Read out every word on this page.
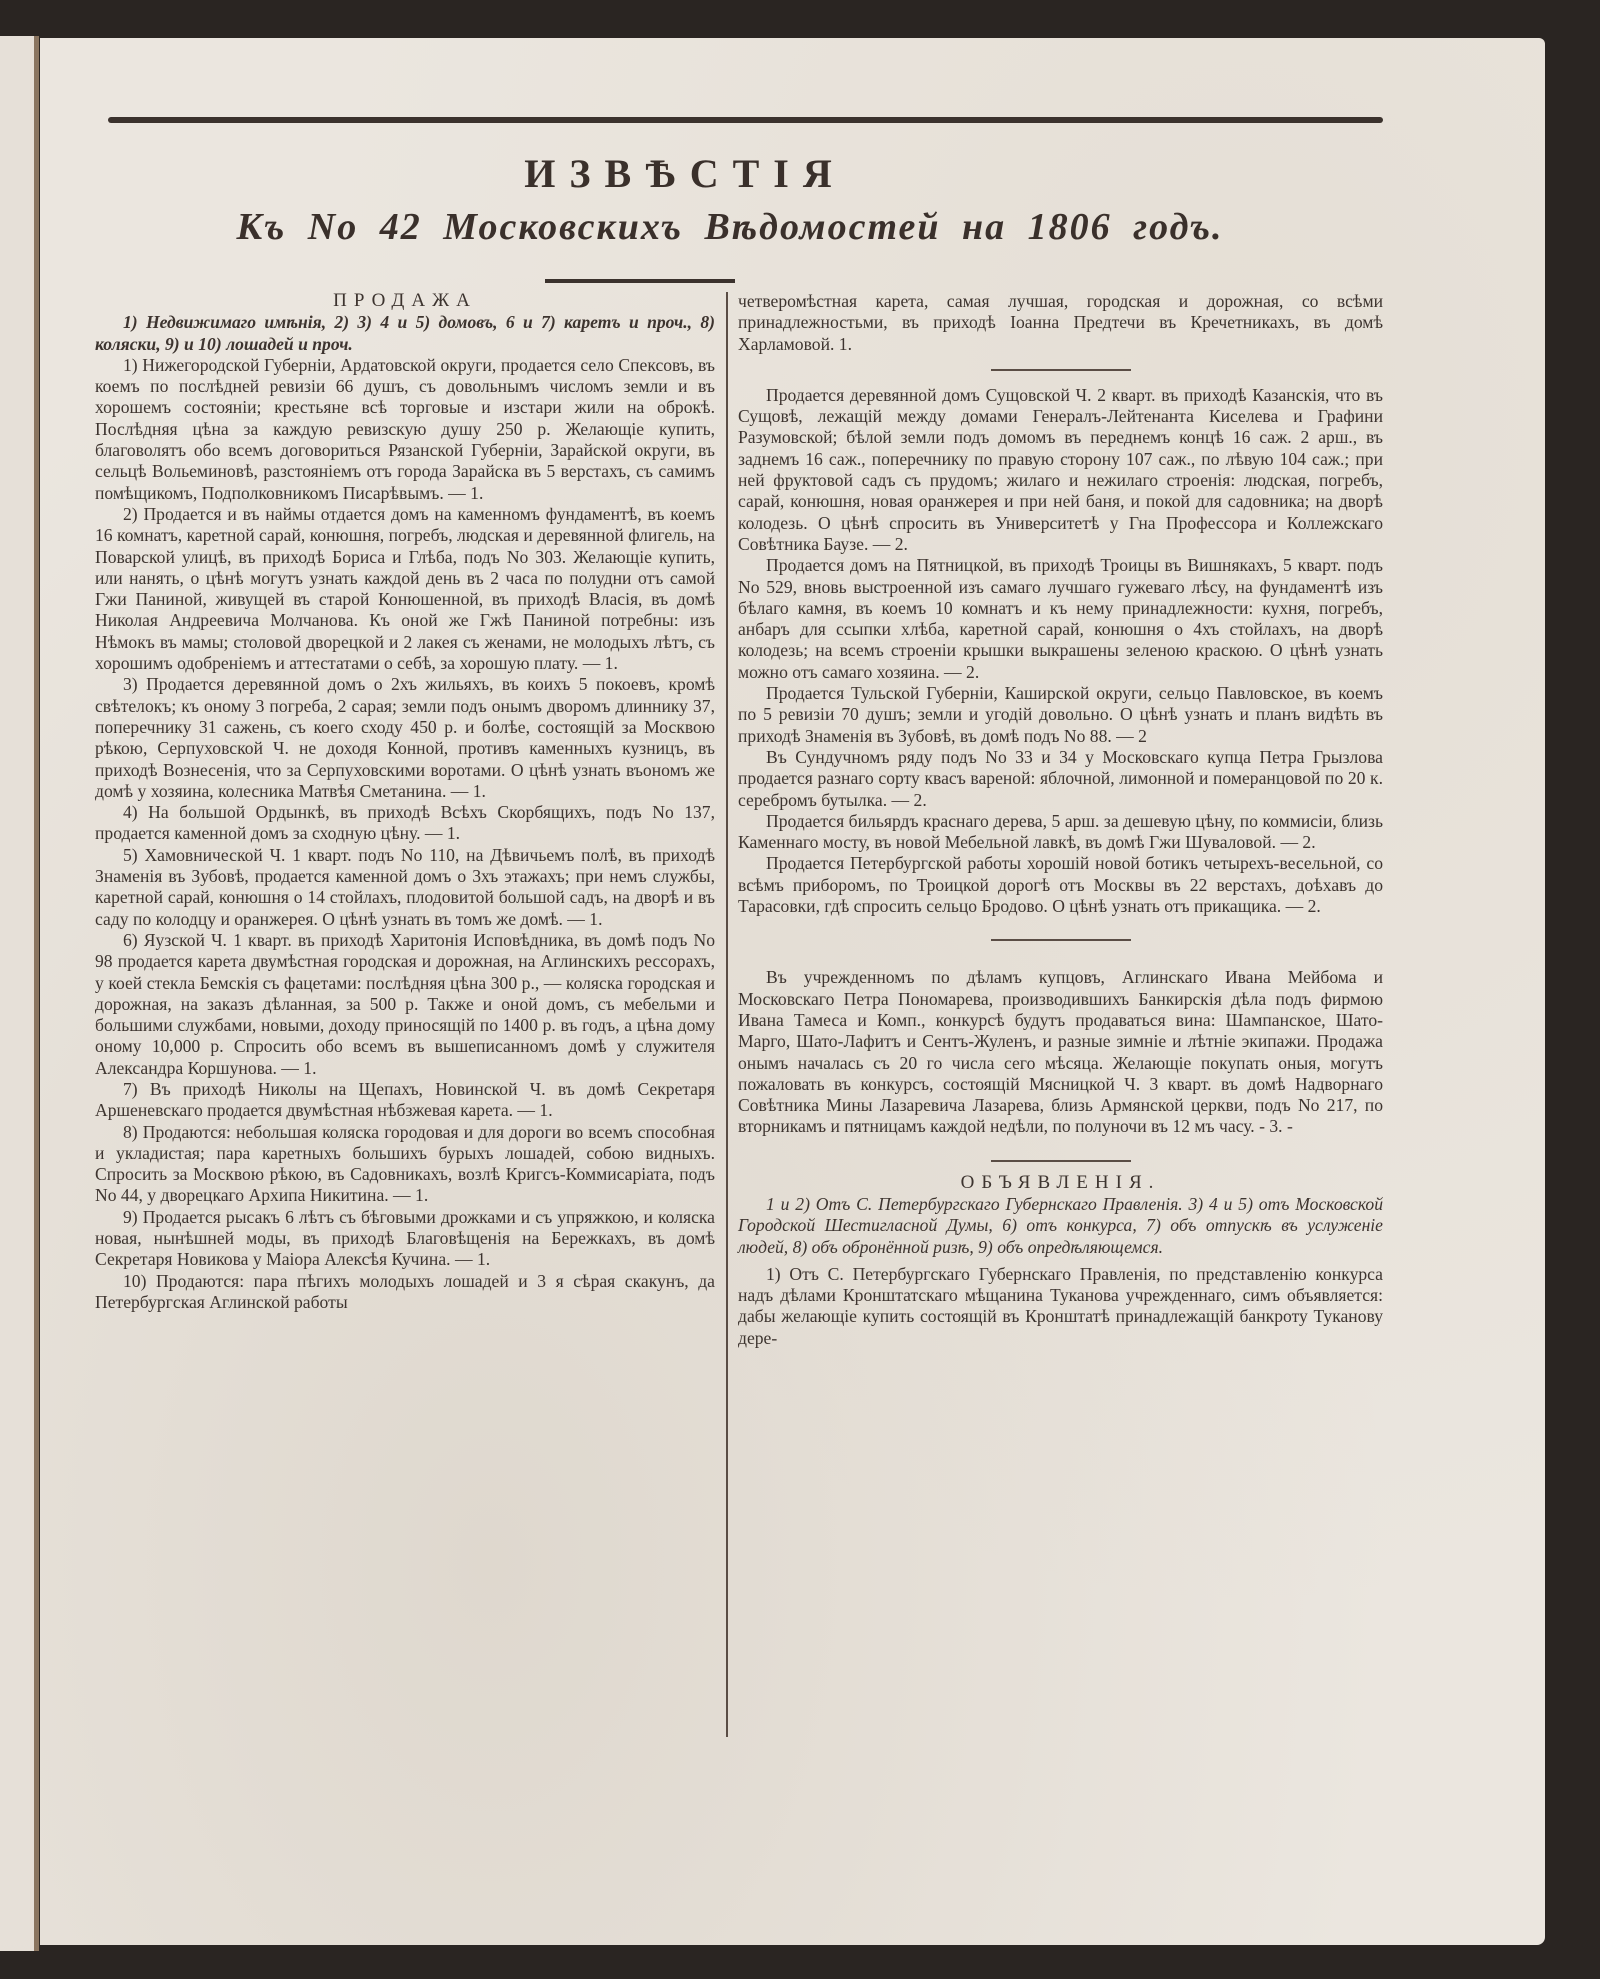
ИЗВѢСТІЯ
Къ No 42 Московскихъ Вѣдомостей на 1806 годъ.
ПРОДАЖА

1) Недвижимаго имѣнія, 2) 3) 4 и 5) домовъ, 6 и 7) каретъ и проч., 8) коляски, 9) и 10) лошадей и проч.

1) Нижегородской Губерніи, Ардатовской округи, продается село Спексовъ, въ коемъ по послѣдней ревизіи 66 душъ, съ довольнымъ числомъ земли и въ хорошемъ состояніи; крестьяне всѣ торговые и изстари жили на оброкѣ. Послѣдняя цѣна за каждую ревизскую душу 250 р. Желающіе купить, благоволятъ обо всемъ договориться Рязанской Губерніи, Зарайской округи, въ сельцѣ Вольеминовѣ, разстояніемъ отъ города Зарайска въ 5 верстахъ, съ самимъ помѣщикомъ, Подполковникомъ Писарѣвымъ. — 1.

2) Продается и въ наймы отдается домъ на каменномъ фундаментѣ, въ коемъ 16 комнатъ, каретной сарай, конюшня, погребъ, людская и деревянной флигель, на Поварской улицѣ, въ приходѣ Бориса и Глѣба, подъ No 303. Желающіе купить, или нанять, о цѣнѣ могутъ узнать каждой день въ 2 часа по полудни отъ самой Гжи Паниной, живущей въ старой Конюшенной, въ приходѣ Власія, въ домѣ Николая Андреевича Молчанова. Къ оной же Гжѣ Паниной потребны: изъ Нѣмокъ въ мамы; столовой дворецкой и 2 лакея съ женами, не молодыхъ лѣтъ, съ хорошимъ одобреніемъ и аттестатами о себѣ, за хорошую плату. — 1.

3) Продается деревянной домъ о 2хъ жильяхъ, въ коихъ 5 покоевъ, кромѣ свѣтелокъ; къ оному 3 погреба, 2 сарая; земли подъ онымъ дворомъ длиннику 37, поперечнику 31 сажень, съ коего сходу 450 р. и болѣе, состоящій за Москвою рѣкою, Серпуховской Ч. не доходя Конной, противъ каменныхъ кузницъ, въ приходѣ Вознесенія, что за Серпуховскими воротами. О цѣнѣ узнать въономъ же домѣ у хозяина, колесника Матвѣя Сметанина. — 1.

4) На большой Ордынкѣ, въ приходѣ Всѣхъ Скорбящихъ, подъ No 137, продается каменной домъ за сходную цѣну. — 1.

5) Хамовнической Ч. 1 кварт. подъ No 110, на Дѣвичьемъ полѣ, въ приходѣ Знаменія въ Зубовѣ, продается каменной домъ о 3хъ этажахъ; при немъ службы, каретной сарай, конюшня о 14 стойлахъ, плодовитой большой садъ, на дворѣ и въ саду по колодцу и оранжерея. О цѣнѣ узнать въ томъ же домѣ. — 1.

6) Яузской Ч. 1 кварт. въ приходѣ Харитонія Исповѣдника, въ домѣ подъ No 98 продается карета двумѣстная городская и дорожная, на Аглинскихъ рессорахъ, у коей стекла Бемскія съ фацетами: послѣдняя цѣна 300 р., — коляска городская и дорожная, на заказъ дѣланная, за 500 р. Также и оной домъ, съ мебельми и большими службами, новыми, доходу приносящій по 1400 р. въ годъ, а цѣна дому оному 10,000 р. Спросить обо всемъ въ вышеписанномъ домѣ у служителя Александра Коршунова. — 1.

7) Въ приходѣ Николы на Щепахъ, Новинской Ч. въ домѣ Секретаря Аршеневскаго продается двумѣстная нѣбзжевая карета. — 1.

8) Продаются: небольшая коляска городовая и для дороги во всемъ способная и укладистая; пара каретныхъ большихъ бурыхъ лошадей, собою видныхъ. Спросить за Москвою рѣкою, въ Садовникахъ, возлѣ Кригсъ-Коммисаріата, подъ No 44, у дворецкаго Архипа Никитина. — 1.

9) Продается рысакъ 6 лѣтъ съ бѣговыми дрожками и съ упряжкою, и коляска новая, нынѣшней моды, въ приходѣ Благовѣщенія на Бережкахъ, въ домѣ Секретаря Новикова у Маіора Алексѣя Кучина. — 1.

10) Продаются: пара пѣгихъ молодыхъ лошадей и 3 я сѣрая скакунъ, да Петербургская Аглинской работы

четверомѣстная карета, самая лучшая, городская и дорожная, со всѣми принадлежностьми, въ приходѣ Іоанна Предтечи въ Кречетникахъ, въ домѣ Харламовой. 1.

Продается деревянной домъ Сущовской Ч. 2 кварт. въ приходѣ Казанскія, что въ Сущовѣ, лежащій между домами Генералъ-Лейтенанта Киселева и Графини Разумовской; бѣлой земли подъ домомъ въ переднемъ концѣ 16 саж. 2 арш., въ заднемъ 16 саж., поперечнику по правую сторону 107 саж., по лѣвую 104 саж.; при ней фруктовой садъ съ прудомъ; жилаго и нежилаго строенія: людская, погребъ, сарай, конюшня, новая оранжерея и при ней баня, и покой для садовника; на дворѣ колодезь. О цѣнѣ спросить въ Университетѣ у Гна Профессора и Коллежскаго Совѣтника Баузе. — 2.

Продается домъ на Пятницкой, въ приходѣ Троицы въ Вишнякахъ, 5 кварт. подъ No 529, вновь выстроенной изъ самаго лучшаго гужеваго лѣсу, на фундаментѣ изъ бѣлаго камня, въ коемъ 10 комнатъ и къ нему принадлежности: кухня, погребъ, анбаръ для ссыпки хлѣба, каретной сарай, конюшня о 4хъ стойлахъ, на дворѣ колодезь; на всемъ строеніи крышки выкрашены зеленою краскою. О цѣнѣ узнать можно отъ самаго хозяина. — 2.

Продается Тульской Губерніи, Каширской округи, сельцо Павловское, въ коемъ по 5 ревизіи 70 душъ; земли и угодій довольно. О цѣнѣ узнать и планъ видѣть въ приходѣ Знаменія въ Зубовѣ, въ домѣ подъ No 88. — 2

Въ Сундучномъ ряду подъ No 33 и 34 у Московскаго купца Петра Грызлова продается разнаго сорту квасъ вареной: яблочной, лимонной и померанцовой по 20 к. серебромъ бутылка. — 2.

Продается бильярдъ краснаго дерева, 5 арш. за дешевую цѣну, по коммисіи, близь Каменнаго мосту, въ новой Мебельной лавкѣ, въ домѣ Гжи Шуваловой. — 2.

Продается Петербургской работы хорошій новой ботикъ четырехъ-весельной, со всѣмъ приборомъ, по Троицкой дорогѣ отъ Москвы въ 22 верстахъ, доѣхавъ до Тарасовки, гдѣ спросить сельцо Бродово. О цѣнѣ узнать отъ прикащика. — 2.

Въ учрежденномъ по дѣламъ купцовъ, Аглинскаго Ивана Мейбома и Московскаго Петра Пономарева, производившихъ Банкирскія дѣла подъ фирмою Ивана Тамеса и Комп., конкурсѣ будутъ продаваться вина: Шампанское, Шато-Марго, Шато-Лафитъ и Сентъ-Жуленъ, и разные зимніе и лѣтніе экипажи. Продажа онымъ началась съ 20 го числа сего мѣсяца. Желающіе покупать оныя, могутъ пожаловать въ конкурсъ, состоящій Мясницкой Ч. 3 кварт. въ домѣ Надворнаго Совѣтника Мины Лазаревича Лазарева, близь Армянской церкви, подъ No 217, по вторникамъ и пятницамъ каждой недѣли, по полуночи въ 12 мъ часу. - 3. -

ОБЪЯВЛЕНІЯ.

1 и 2) Отъ С. Петербургскаго Губернскаго Правленія. 3) 4 и 5) отъ Московской Городской Шестигласной Думы, 6) отъ конкурса, 7) объ отпускѣ въ услуженіе людей, 8) объ обронённой ризѣ, 9) объ опредѣляющемся.

1) Отъ С. Петербургскаго Губернскаго Правленія, по представленію конкурса надъ дѣлами Кронштатскаго мѣщанина Туканова учрежденнаго, симъ объявляется: дабы желающіе купить состоящій въ Кронштатѣ принадлежащій банкроту Туканову дере-
